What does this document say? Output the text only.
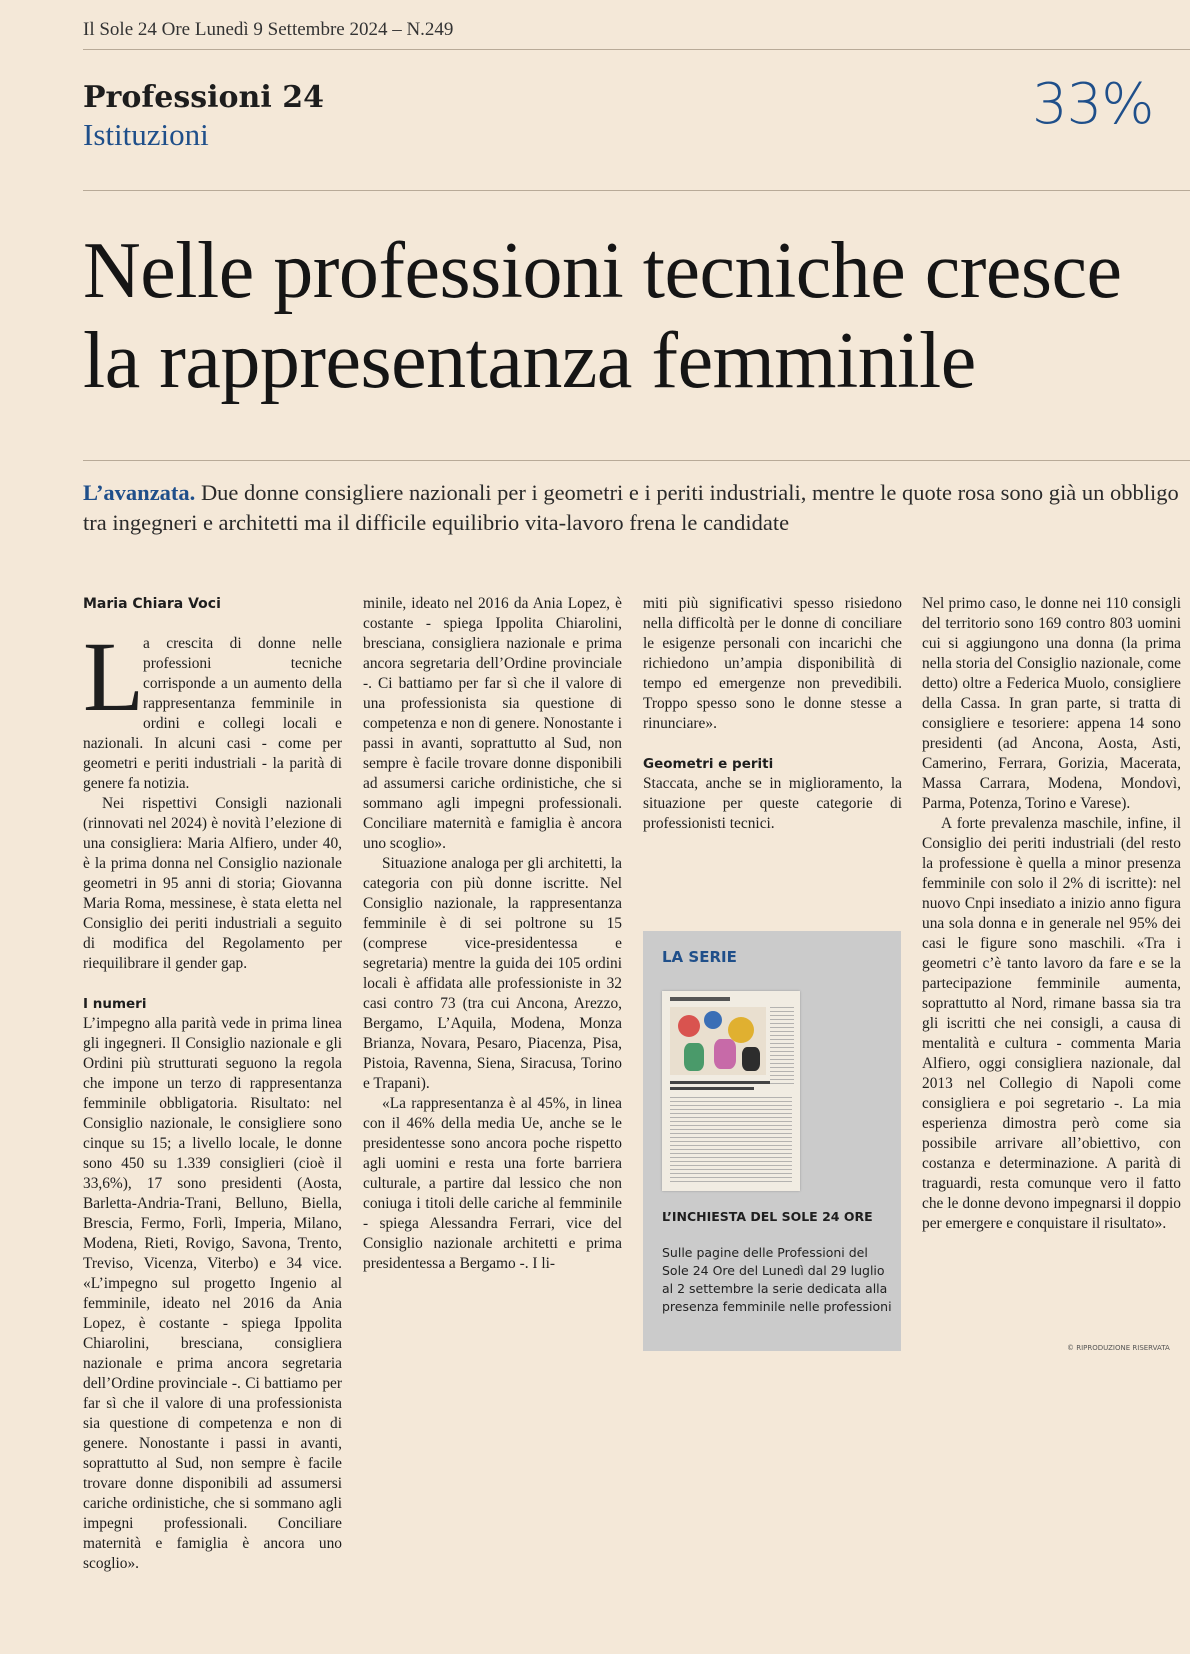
Il Sole 24 Ore Lunedì 9 Settembre 2024 – N.249
Professioni 24
Istituzioni	33%
Nelle professioni tecniche cresce
la rappresentanza femminile
L’avanzata. Due donne consigliere nazionali per i geometri e i periti industriali, mentre le quote rosa sono già un obbligo tra ingegneri e architetti ma il difficile equilibrio vita-lavoro frena le candidate
Maria Chiara Voci

L
a crescita di donne nelle professioni tecniche corrisponde a un aumento della rappresentanza femminile in ordini e collegi locali e nazionali. In alcuni casi - come per geometri e periti industriali - la parità di genere fa notizia.

Nei rispettivi Consigli nazionali (rinnovati nel 2024) è novità l’elezione di una consigliera: Maria Alfiero, under 40, è la prima donna nel Consiglio nazionale geometri in 95 anni di storia; Giovanna Maria Roma, messinese, è stata eletta nel Consiglio dei periti industriali a seguito di modifica del Regolamento per riequilibrare il gender gap.

I numeri

L’impegno alla parità vede in prima linea gli ingegneri. Il Consiglio nazionale e gli Ordini più strutturati seguono la regola che impone un terzo di rappresentanza femminile obbligatoria. Risultato: nel Consiglio nazionale, le consigliere sono cinque su 15; a livello locale, le donne sono 450 su 1.339 consiglieri (cioè il 33,6%), 17 sono presidenti (Aosta, Barletta-Andria-Trani, Belluno, Biella, Brescia, Fermo, Forlì, Imperia, Milano, Modena, Rieti, Rovigo, Savona, Trento, Treviso, Vicenza, Viterbo) e 34 vice. «L’impegno sul progetto Ingenio al femminile, ideato nel 2016 da Ania Lopez, è costante - spiega Ippolita Chiarolini, bresciana, consigliera nazionale e prima ancora segretaria dell’Ordine provinciale -. Ci battiamo per far sì che il valore di una professionista sia questione di competenza e non di genere. Nonostante i passi in avanti, soprattutto al Sud, non sempre è facile trovare donne disponibili ad assumersi cariche ordinistiche, che si sommano agli impegni professionali. Conciliare maternità e famiglia è ancora uno scoglio».

minile, ideato nel 2016 da Ania Lopez, è costante - spiega Ippolita Chiarolini, bresciana, consigliera nazionale e prima ancora segretaria dell’Ordine provinciale -. Ci battiamo per far sì che il valore di una professionista sia questione di competenza e non di genere. Nonostante i passi in avanti, soprattutto al Sud, non sempre è facile trovare donne disponibili ad assumersi cariche ordinistiche, che si sommano agli impegni professionali. Conciliare maternità e famiglia è ancora uno scoglio».

Situazione analoga per gli architetti, la categoria con più donne iscritte. Nel Consiglio nazionale, la rappresentanza femminile è di sei poltrone su 15 (comprese vice-presidentessa e segretaria) mentre la guida dei 105 ordini locali è affidata alle professioniste in 32 casi contro 73 (tra cui Ancona, Arezzo, Bergamo, L’Aquila, Modena, Monza Brianza, Novara, Pesaro, Piacenza, Pisa, Pistoia, Ravenna, Siena, Siracusa, Torino e Trapani).

«La rappresentanza è al 45%, in linea con il 46% della media Ue, anche se le presidentesse sono ancora poche rispetto agli uomini e resta una forte barriera culturale, a partire dal lessico che non coniuga i titoli delle cariche al femminile - spiega Alessandra Ferrari, vice del Consiglio nazionale architetti e prima presidentessa a Bergamo -. I li-

miti più significativi spesso risiedono nella difficoltà per le donne di conciliare le esigenze personali con incarichi che richiedono un’ampia disponibilità di tempo ed emergenze non prevedibili. Troppo spesso sono le donne stesse a rinunciare».

Geometri e periti

Staccata, anche se in miglioramento, la situazione per queste categorie di professionisti tecnici.

Nel primo caso, le donne nei 110 consigli del territorio sono 169 contro 803 uomini cui si aggiungono una donna (la prima nella storia del Consiglio nazionale, come detto) oltre a Federica Muolo, consigliere della Cassa. In gran parte, si tratta di consigliere e tesoriere: appena 14 sono presidenti (ad Ancona, Aosta, Asti, Camerino, Ferrara, Gorizia, Macerata, Massa Carrara, Modena, Mondovì, Parma, Potenza, Torino e Varese).

A forte prevalenza maschile, infine, il Consiglio dei periti industriali (del resto la professione è quella a minor presenza femminile con solo il 2% di iscritte): nel nuovo Cnpi insediato a inizio anno figura una sola donna e in generale nel 95% dei casi le figure sono maschili. «Tra i geometri c’è tanto lavoro da fare e se la partecipazione femminile aumenta, soprattutto al Nord, rimane bassa sia tra gli iscritti che nei consigli, a causa di mentalità e cultura - commenta Maria Alfiero, oggi consigliera nazionale, dal 2013 nel Collegio di Napoli come consigliera e poi segretario -. La mia esperienza dimostra però come sia possibile arrivare all’obiettivo, con costanza e determinazione. A parità di traguardi, resta comunque vero il fatto che le donne devono impegnarsi il doppio per emergere e conquistare il risultato».

LA SERIE
L’INCHIESTA DEL SOLE 24 ORE
Sulle pagine delle Professioni del Sole 24 Ore del Lunedì dal 29 luglio al 2 settembre la serie dedicata alla presenza femminile nelle professioni
© RIPRODUZIONE RISERVATA
